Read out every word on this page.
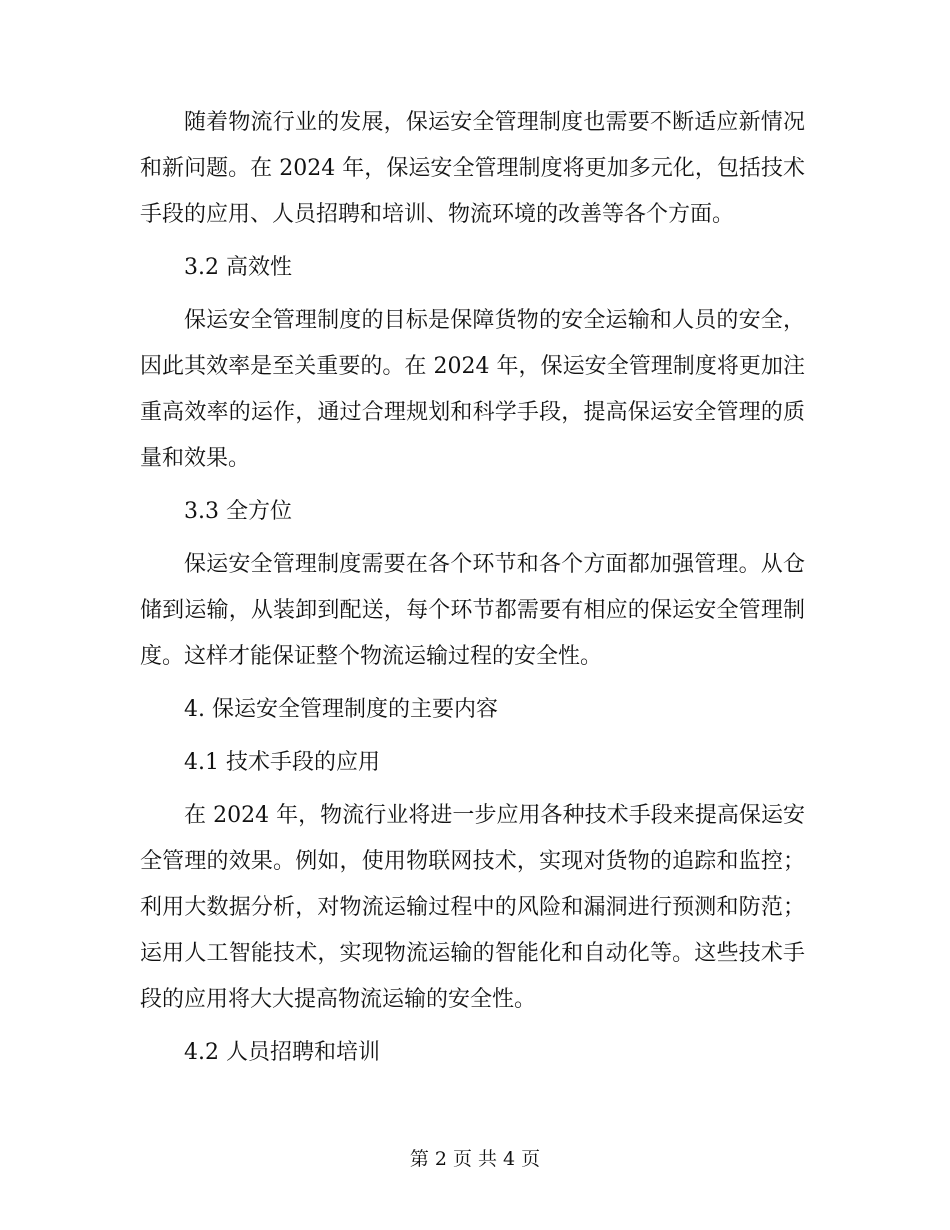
随着物流行业的发展，保运安全管理制度也需要不断适应新情况和新问题。在 2024 年，保运安全管理制度将更加多元化，包括技术手段的应用、人员招聘和培训、物流环境的改善等各个方面。

3.2 高效性

保运安全管理制度的目标是保障货物的安全运输和人员的安全，因此其效率是至关重要的。在 2024 年，保运安全管理制度将更加注重高效率的运作，通过合理规划和科学手段，提高保运安全管理的质量和效果。

3.3 全方位

保运安全管理制度需要在各个环节和各个方面都加强管理。从仓储到运输，从装卸到配送，每个环节都需要有相应的保运安全管理制度。这样才能保证整个物流运输过程的安全性。

4. 保运安全管理制度的主要内容

4.1 技术手段的应用

在 2024 年，物流行业将进一步应用各种技术手段来提高保运安全管理的效果。例如，使用物联网技术，实现对货物的追踪和监控；利用大数据分析，对物流运输过程中的风险和漏洞进行预测和防范；运用人工智能技术，实现物流运输的智能化和自动化等。这些技术手段的应用将大大提高物流运输的安全性。

4.2 人员招聘和培训

第 2 页 共 4 页
